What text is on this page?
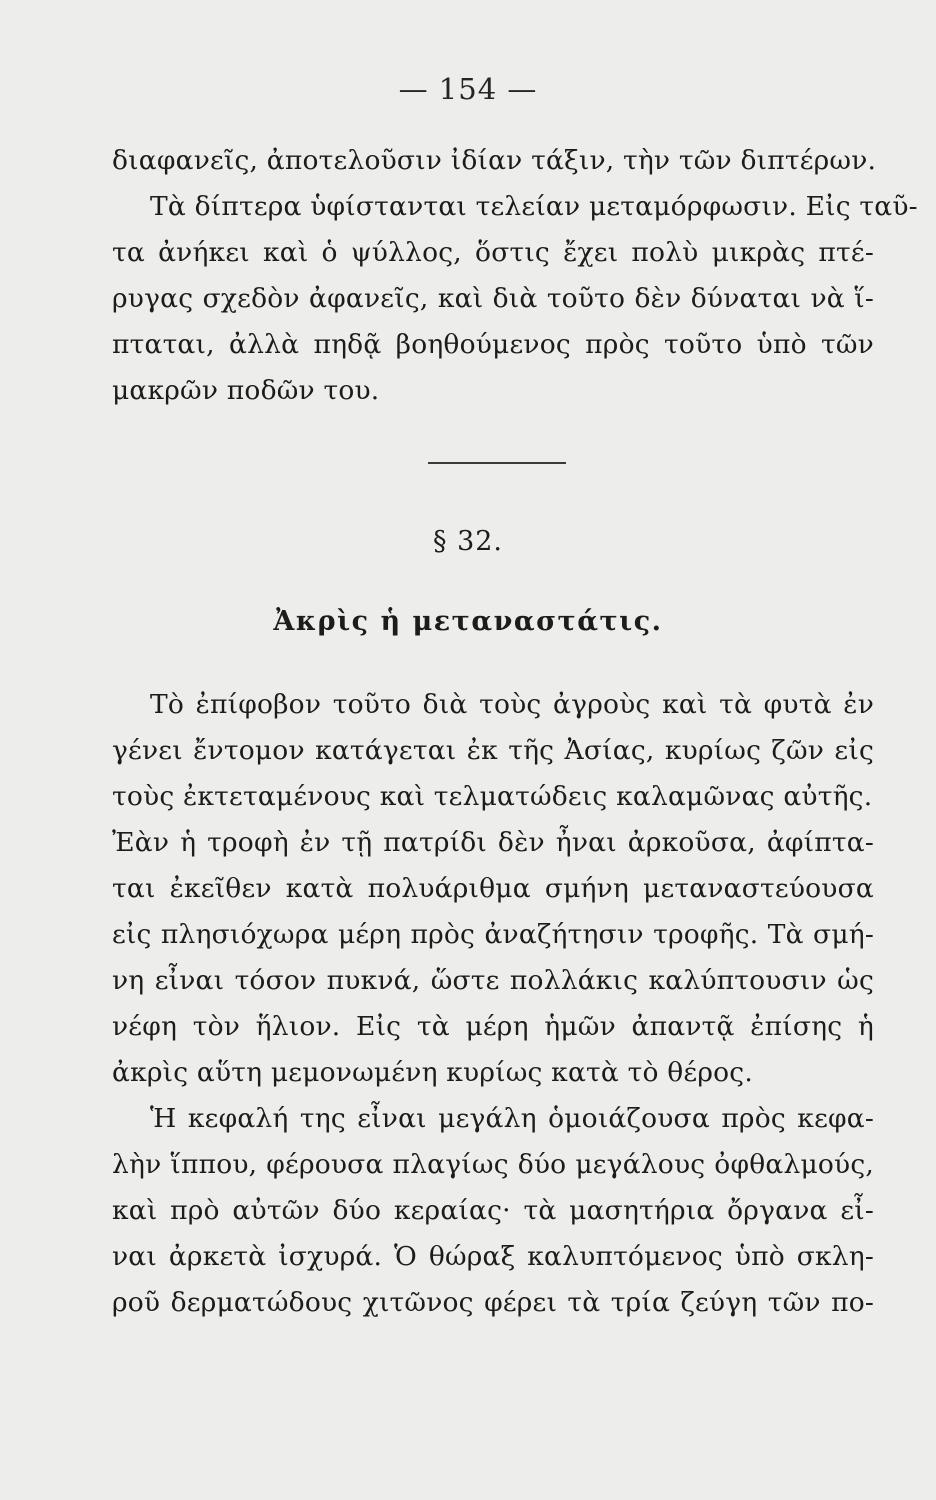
— 154 —
διαφανεῖς, ἀποτελοῦσιν ἰδίαν τάξιν, τὴν τῶν διπτέρων.
Τὰ δίπτερα ὑφίστανται τελείαν μεταμόρφωσιν. Εἰς ταῦ-
τα ἀνήκει καὶ ὁ ψύλλος, ὅστις ἔχει πολὺ μικρὰς πτέ-
ρυγας σχεδὸν ἀφανεῖς, καὶ διὰ τοῦτο δὲν δύναται νὰ ἵ-
πταται, ἀλλὰ πηδᾷ βοηθούμενος πρὸς τοῦτο ὑπὸ τῶν
μακρῶν ποδῶν του.
§ 32.
Ἀκρὶς ἡ μεταναστάτις.
Τὸ ἐπίφοβον τοῦτο διὰ τοὺς ἀγροὺς καὶ τὰ φυτὰ ἐν
γένει ἔντομον κατάγεται ἐκ τῆς Ἀσίας, κυρίως ζῶν εἰς
τοὺς ἐκτεταμένους καὶ τελματώδεις καλαμῶνας αὐτῆς.
Ἐὰν ἡ τροφὴ ἐν τῇ πατρίδι δὲν ἦναι ἀρκοῦσα, ἀφίπτα-
ται ἐκεῖθεν κατὰ πολυάριθμα σμήνη μεταναστεύουσα
εἰς πλησιόχωρα μέρη πρὸς ἀναζήτησιν τροφῆς. Τὰ σμή-
νη εἶναι τόσον πυκνά, ὥστε πολλάκις καλύπτουσιν ὡς
νέφη τὸν ἥλιον. Εἰς τὰ μέρη ἡμῶν ἀπαντᾷ ἐπίσης ἡ
ἀκρὶς αὕτη μεμονωμένη κυρίως κατὰ τὸ θέρος.
Ἡ κεφαλή της εἶναι μεγάλη ὁμοιάζουσα πρὸς κεφα-
λὴν ἵππου, φέρουσα πλαγίως δύο μεγάλους ὀφθαλμούς,
καὶ πρὸ αὐτῶν δύο κεραίας· τὰ μασητήρια ὄργανα εἶ-
ναι ἀρκετὰ ἰσχυρά. Ὁ θώραξ καλυπτόμενος ὑπὸ σκλη-
ροῦ δερματώδους χιτῶνος φέρει τὰ τρία ζεύγη τῶν πο-
